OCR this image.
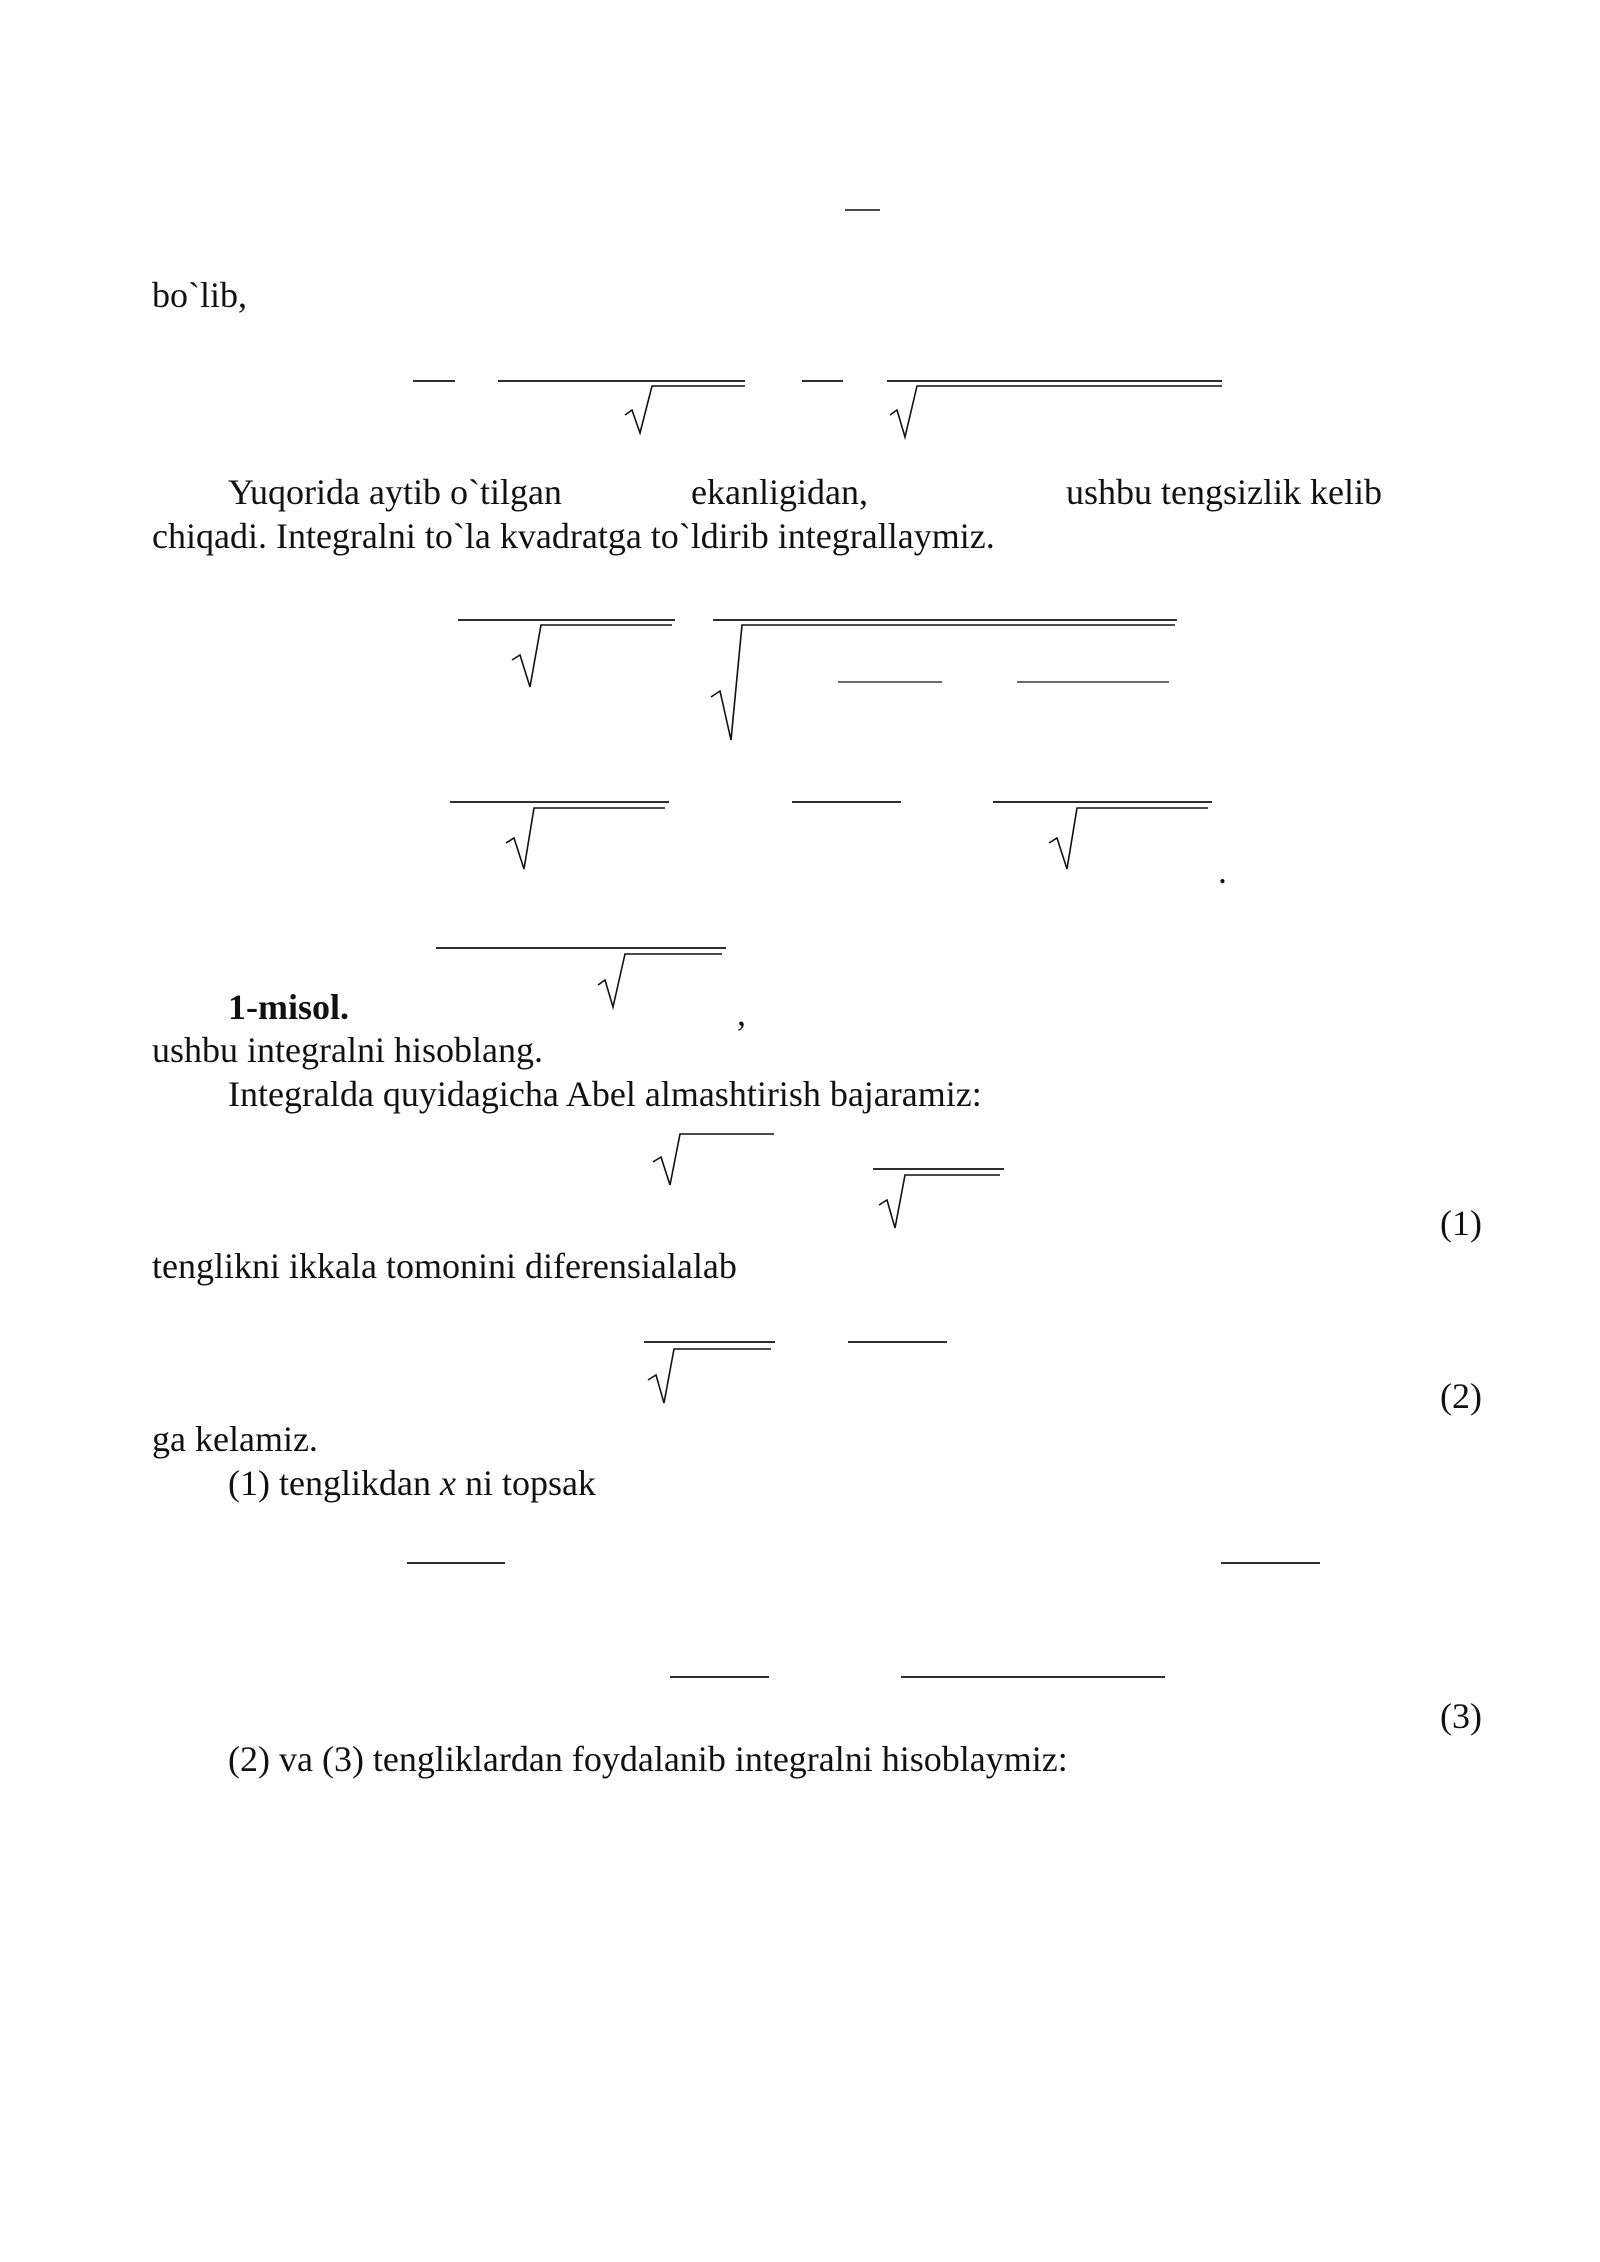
bo`lib,
Yuqorida aytib o`tilgan	ekanligidan,	ushbu tengsizlik kelib
chiqadi. Integralni to`la kvadratga to`ldirib integrallaymiz.
.
1-misol.	,
ushbu integralni hisoblang.
Integralda quyidagicha Abel almashtirish bajaramiz:
(1)
tenglikni ikkala tomonini diferensialalab
(2)
ga kelamiz.
(1) tenglikdan x ni topsak
(3)
(2) va (3) tengliklardan foydalanib integralni hisoblaymiz:
